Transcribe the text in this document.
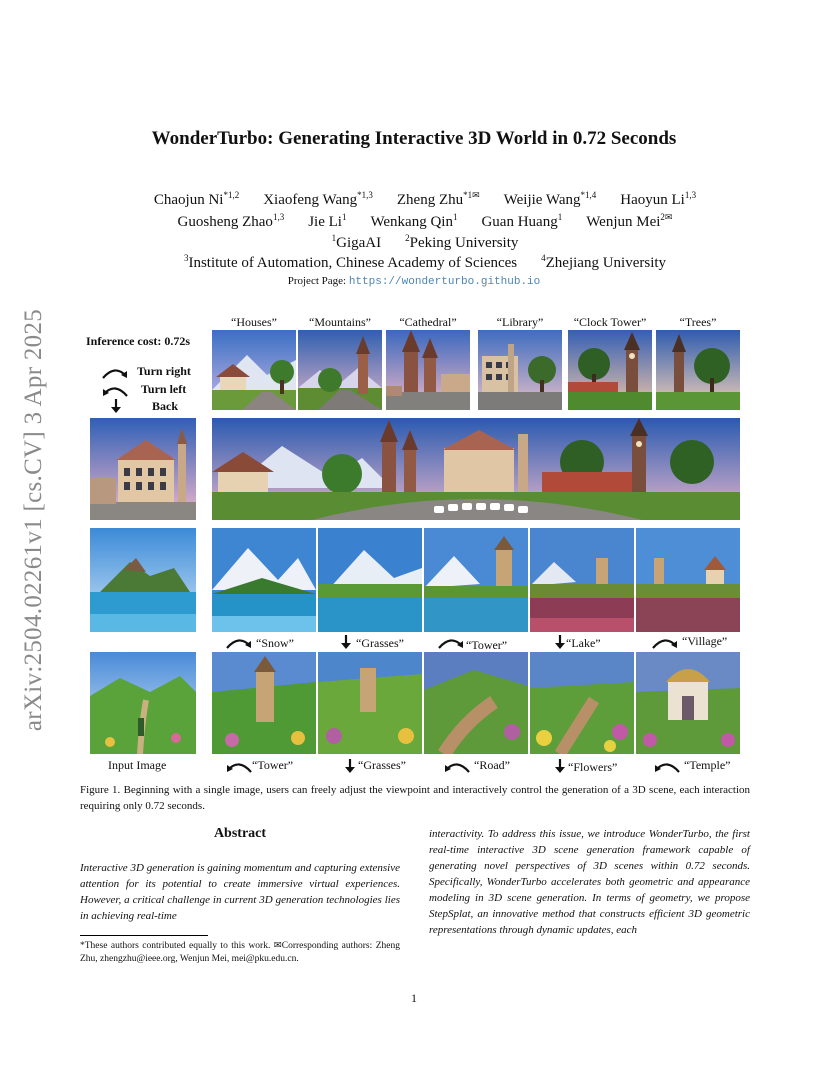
arXiv:2504.02261v1 [cs.CV] 3 Apr 2025
WonderTurbo: Generating Interactive 3D World in 0.72 Seconds
Chaojun Ni$^{*1,2}$ Xiaofeng Wang$^{*1,3}$ Zheng Zhu$^{*1✉}$ Weijie Wang$^{*1,4}$ Haoyun Li$^{1,3}$
Guosheng Zhao$^{1,3}$ Jie Li$^1$ Wenkang Qin$^1$ Guan Huang$^1$ Wenjun Mei$^{2✉}$
$^1$GigaAI	$^2$Peking University
$^3$Institute of Automation, Chinese Academy of Sciences	$^4$Zhejiang University
Project Page: https://wonderturbo.github.io
“Houses”	“Mountains”	“Cathedral”	“Library”	“Clock Tower”	“Trees”
Inference cost: 0.72s
Turn right
Turn left
Back
“Snow”	“Grasses”	“Tower”	“Lake”	“Village”
Input Image	“Tower”	“Grasses”	“Road”	“Flowers”	“Temple”
Figure 1. Beginning with a single image, users can freely adjust the viewpoint and interactively control the generation of a 3D scene, each interaction requiring only 0.72 seconds.
Abstract
Interactive 3D generation is gaining momentum and capturing extensive attention for its potential to create immersive virtual experiences. However, a critical challenge in current 3D generation technologies lies in achieving real-time
interactivity. To address this issue, we introduce WonderTurbo, the first real-time interactive 3D scene generation framework capable of generating novel perspectives of 3D scenes within 0.72 seconds. Specifically, WonderTurbo accelerates both geometric and appearance modeling in 3D scene generation. In terms of geometry, we propose StepSplat, an innovative method that constructs efficient 3D geometric representations through dynamic updates, each
*These authors contributed equally to this work. ✉Corresponding authors: Zheng Zhu, zhengzhu@ieee.org, Wenjun Mei, mei@pku.edu.cn.
1
